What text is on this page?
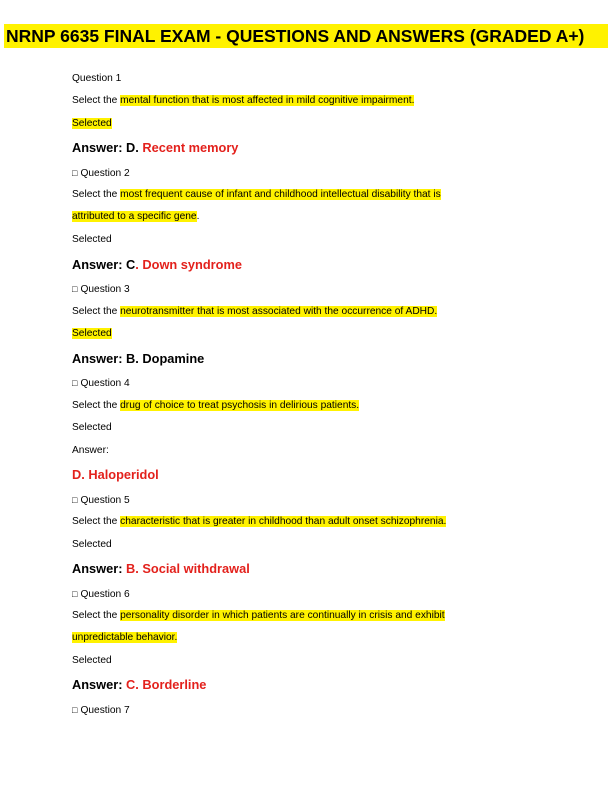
NRNP 6635 FINAL EXAM - QUESTIONS AND ANSWERS (GRADED A+)
Question 1
Select the mental function that is most affected in mild cognitive impairment.
Selected
Answer: D. Recent memory
□ Question 2
Select the most frequent cause of infant and childhood intellectual disability that is
attributed to a specific gene.
Selected
Answer: C. Down syndrome
□ Question 3
Select the neurotransmitter that is most associated with the occurrence of ADHD.
Selected
Answer: B. Dopamine
□ Question 4
Select the drug of choice to treat psychosis in delirious patients.
Selected
Answer:
D. Haloperidol
□ Question 5
Select the characteristic that is greater in childhood than adult onset schizophrenia.
Selected
Answer: B. Social withdrawal
□ Question 6
Select the personality disorder in which patients are continually in crisis and exhibit
unpredictable behavior.
Selected
Answer: C. Borderline
□ Question 7
